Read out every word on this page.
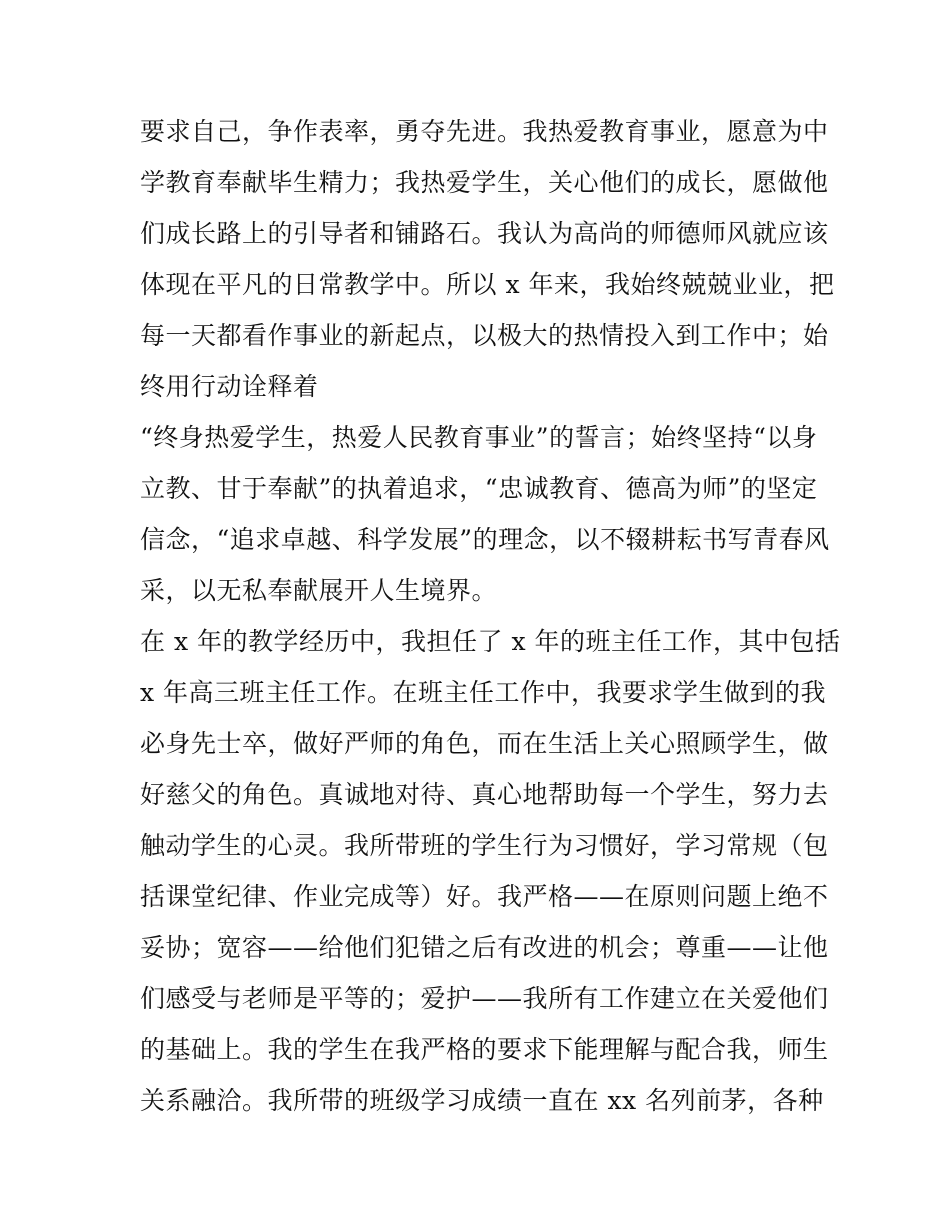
要求自己，争作表率，勇夺先进。我热爱教育事业，愿意为中
学教育奉献毕生精力；我热爱学生，关心他们的成长，愿做他
们成长路上的引导者和铺路石。我认为高尚的师德师风就应该
体现在平凡的日常教学中。所以 x 年来，我始终兢兢业业，把
每一天都看作事业的新起点，以极大的热情投入到工作中；始
终用行动诠释着
“终身热爱学生，热爱人民教育事业”的誓言；始终坚持“以身
立教、甘于奉献”的执着追求，“忠诚教育、德高为师”的坚定
信念，“追求卓越、科学发展”的理念，以不辍耕耘书写青春风
采，以无私奉献展开人生境界。
在 x 年的教学经历中，我担任了 x 年的班主任工作，其中包括
x 年高三班主任工作。在班主任工作中，我要求学生做到的我
必身先士卒，做好严师的角色，而在生活上关心照顾学生，做
好慈父的角色。真诚地对待、真心地帮助每一个学生，努力去
触动学生的心灵。我所带班的学生行为习惯好，学习常规（包
括课堂纪律、作业完成等）好。我严格——在原则问题上绝不
妥协；宽容——给他们犯错之后有改进的机会；尊重——让他
们感受与老师是平等的；爱护——我所有工作建立在关爱他们
的基础上。我的学生在我严格的要求下能理解与配合我，师生
关系融洽。我所带的班级学习成绩一直在 xx 名列前茅，各种
